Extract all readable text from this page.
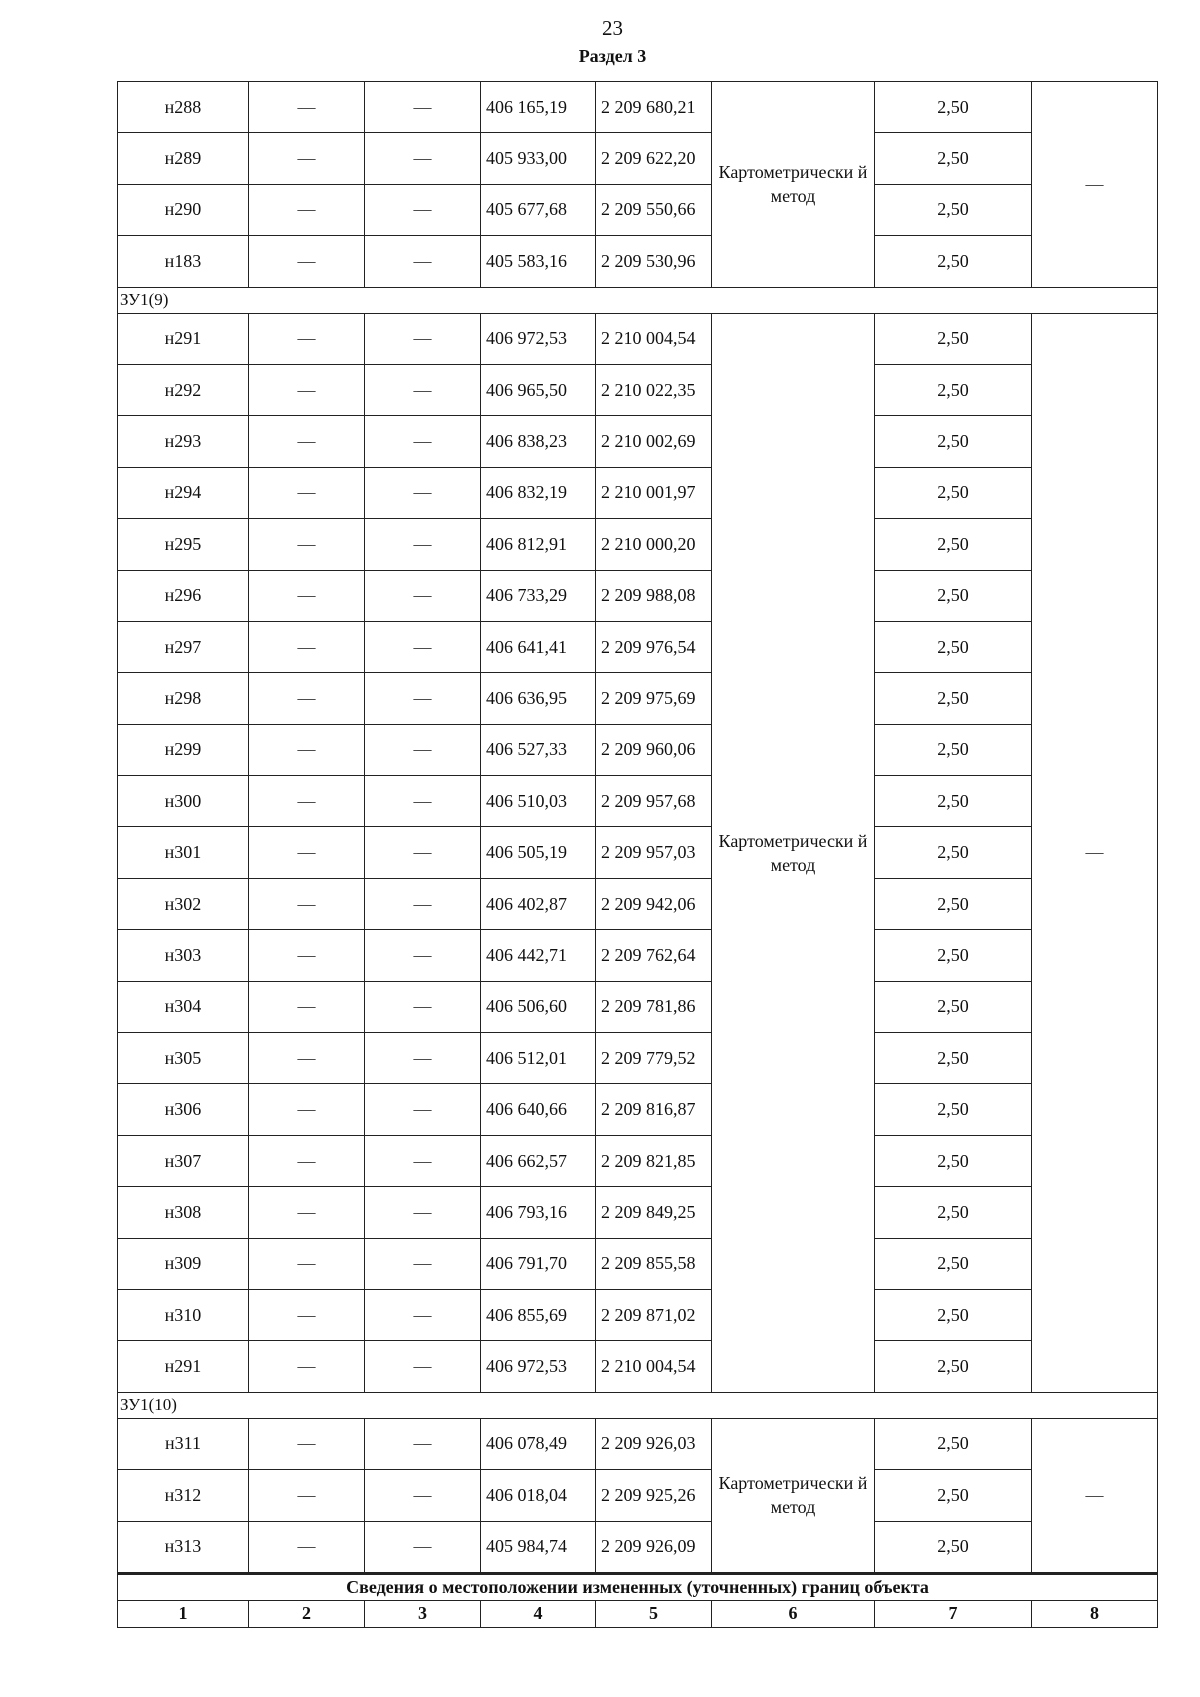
23
Раздел 3
н288	—	—	406 165,19	2 209 680,21	Картометрически й метод	2,50	—
н289	—	—	405 933,00	2 209 622,20		2,50	
н290	—	—	405 677,68	2 209 550,66		2,50	
н183	—	—	405 583,16	2 209 530,96		2,50	
ЗУ1(9)							
н291	—	—	406 972,53	2 210 004,54	Картометрически й метод	2,50	—
н292	—	—	406 965,50	2 210 022,35		2,50	
н293	—	—	406 838,23	2 210 002,69		2,50	
н294	—	—	406 832,19	2 210 001,97		2,50	
н295	—	—	406 812,91	2 210 000,20		2,50	
н296	—	—	406 733,29	2 209 988,08		2,50	
н297	—	—	406 641,41	2 209 976,54		2,50	
н298	—	—	406 636,95	2 209 975,69		2,50	
н299	—	—	406 527,33	2 209 960,06		2,50	
н300	—	—	406 510,03	2 209 957,68		2,50	
н301	—	—	406 505,19	2 209 957,03		2,50	
н302	—	—	406 402,87	2 209 942,06		2,50	
н303	—	—	406 442,71	2 209 762,64		2,50	
н304	—	—	406 506,60	2 209 781,86		2,50	
н305	—	—	406 512,01	2 209 779,52		2,50	
н306	—	—	406 640,66	2 209 816,87		2,50	
н307	—	—	406 662,57	2 209 821,85		2,50	
н308	—	—	406 793,16	2 209 849,25		2,50	
н309	—	—	406 791,70	2 209 855,58		2,50	
н310	—	—	406 855,69	2 209 871,02		2,50	
н291	—	—	406 972,53	2 210 004,54		2,50	
ЗУ1(10)							
н311	—	—	406 078,49	2 209 926,03	Картометрически й метод	2,50	—
н312	—	—	406 018,04	2 209 925,26		2,50	
н313	—	—	405 984,74	2 209 926,09		2,50	
Сведения о местоположении измененных (уточненных) границ объекта							
1	2	3	4	5	6	7	8
